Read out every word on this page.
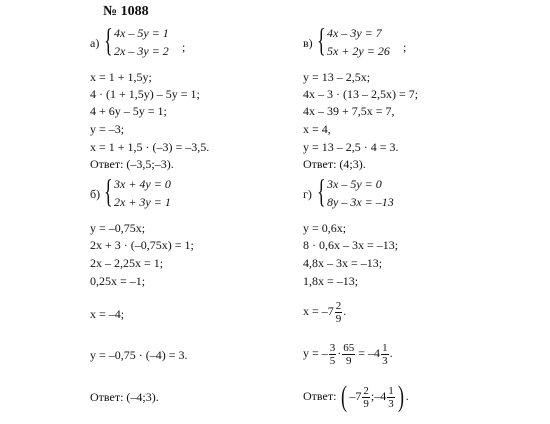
№ 1088
а) { 4x – 5y = 1
2x – 3y = 2 ;
x = 1 + 1,5y;
4 · (1 + 1,5y) – 5y = 1;
4 + 6y – 5y = 1;
y = –3;
x = 1 + 1,5 · (–3) = –3,5.
Ответ: (–3,5;–3).
в) { 4x – 3y = 7
5x + 2y = 26 ;
y = 13 – 2,5x;
4x – 3 · (13 – 2,5x) = 7;
4x – 39 + 7,5x = 7,
x = 4,
y = 13 – 2,5 · 4 = 3.
Ответ: (4;3).
б) { 3x + 4y = 0
2x + 3y = 1
y = –0,75x;
2x + 3 · (–0,75x) = 1;
2x – 2,25x = 1;
0,25x = –1;
x = –4;
y = –0,75 · (–4) = 3.
Ответ: (–4;3).
г) { 3x – 5y = 0
8y – 3x = –13
y = 0,6x;
8 · 0,6x – 3x = –13;
4,8x – 3x = –13;
1,8x = –13;
$x = -7 \frac{2}{9}$ .
y = – $\frac{3}{5} \cdot \frac{65}{9} = -4 \frac{1}{3}$ .
Ответ: ( $-7 \frac{2}{9}$ ;–4 $\frac{1}{3}$ ) .
